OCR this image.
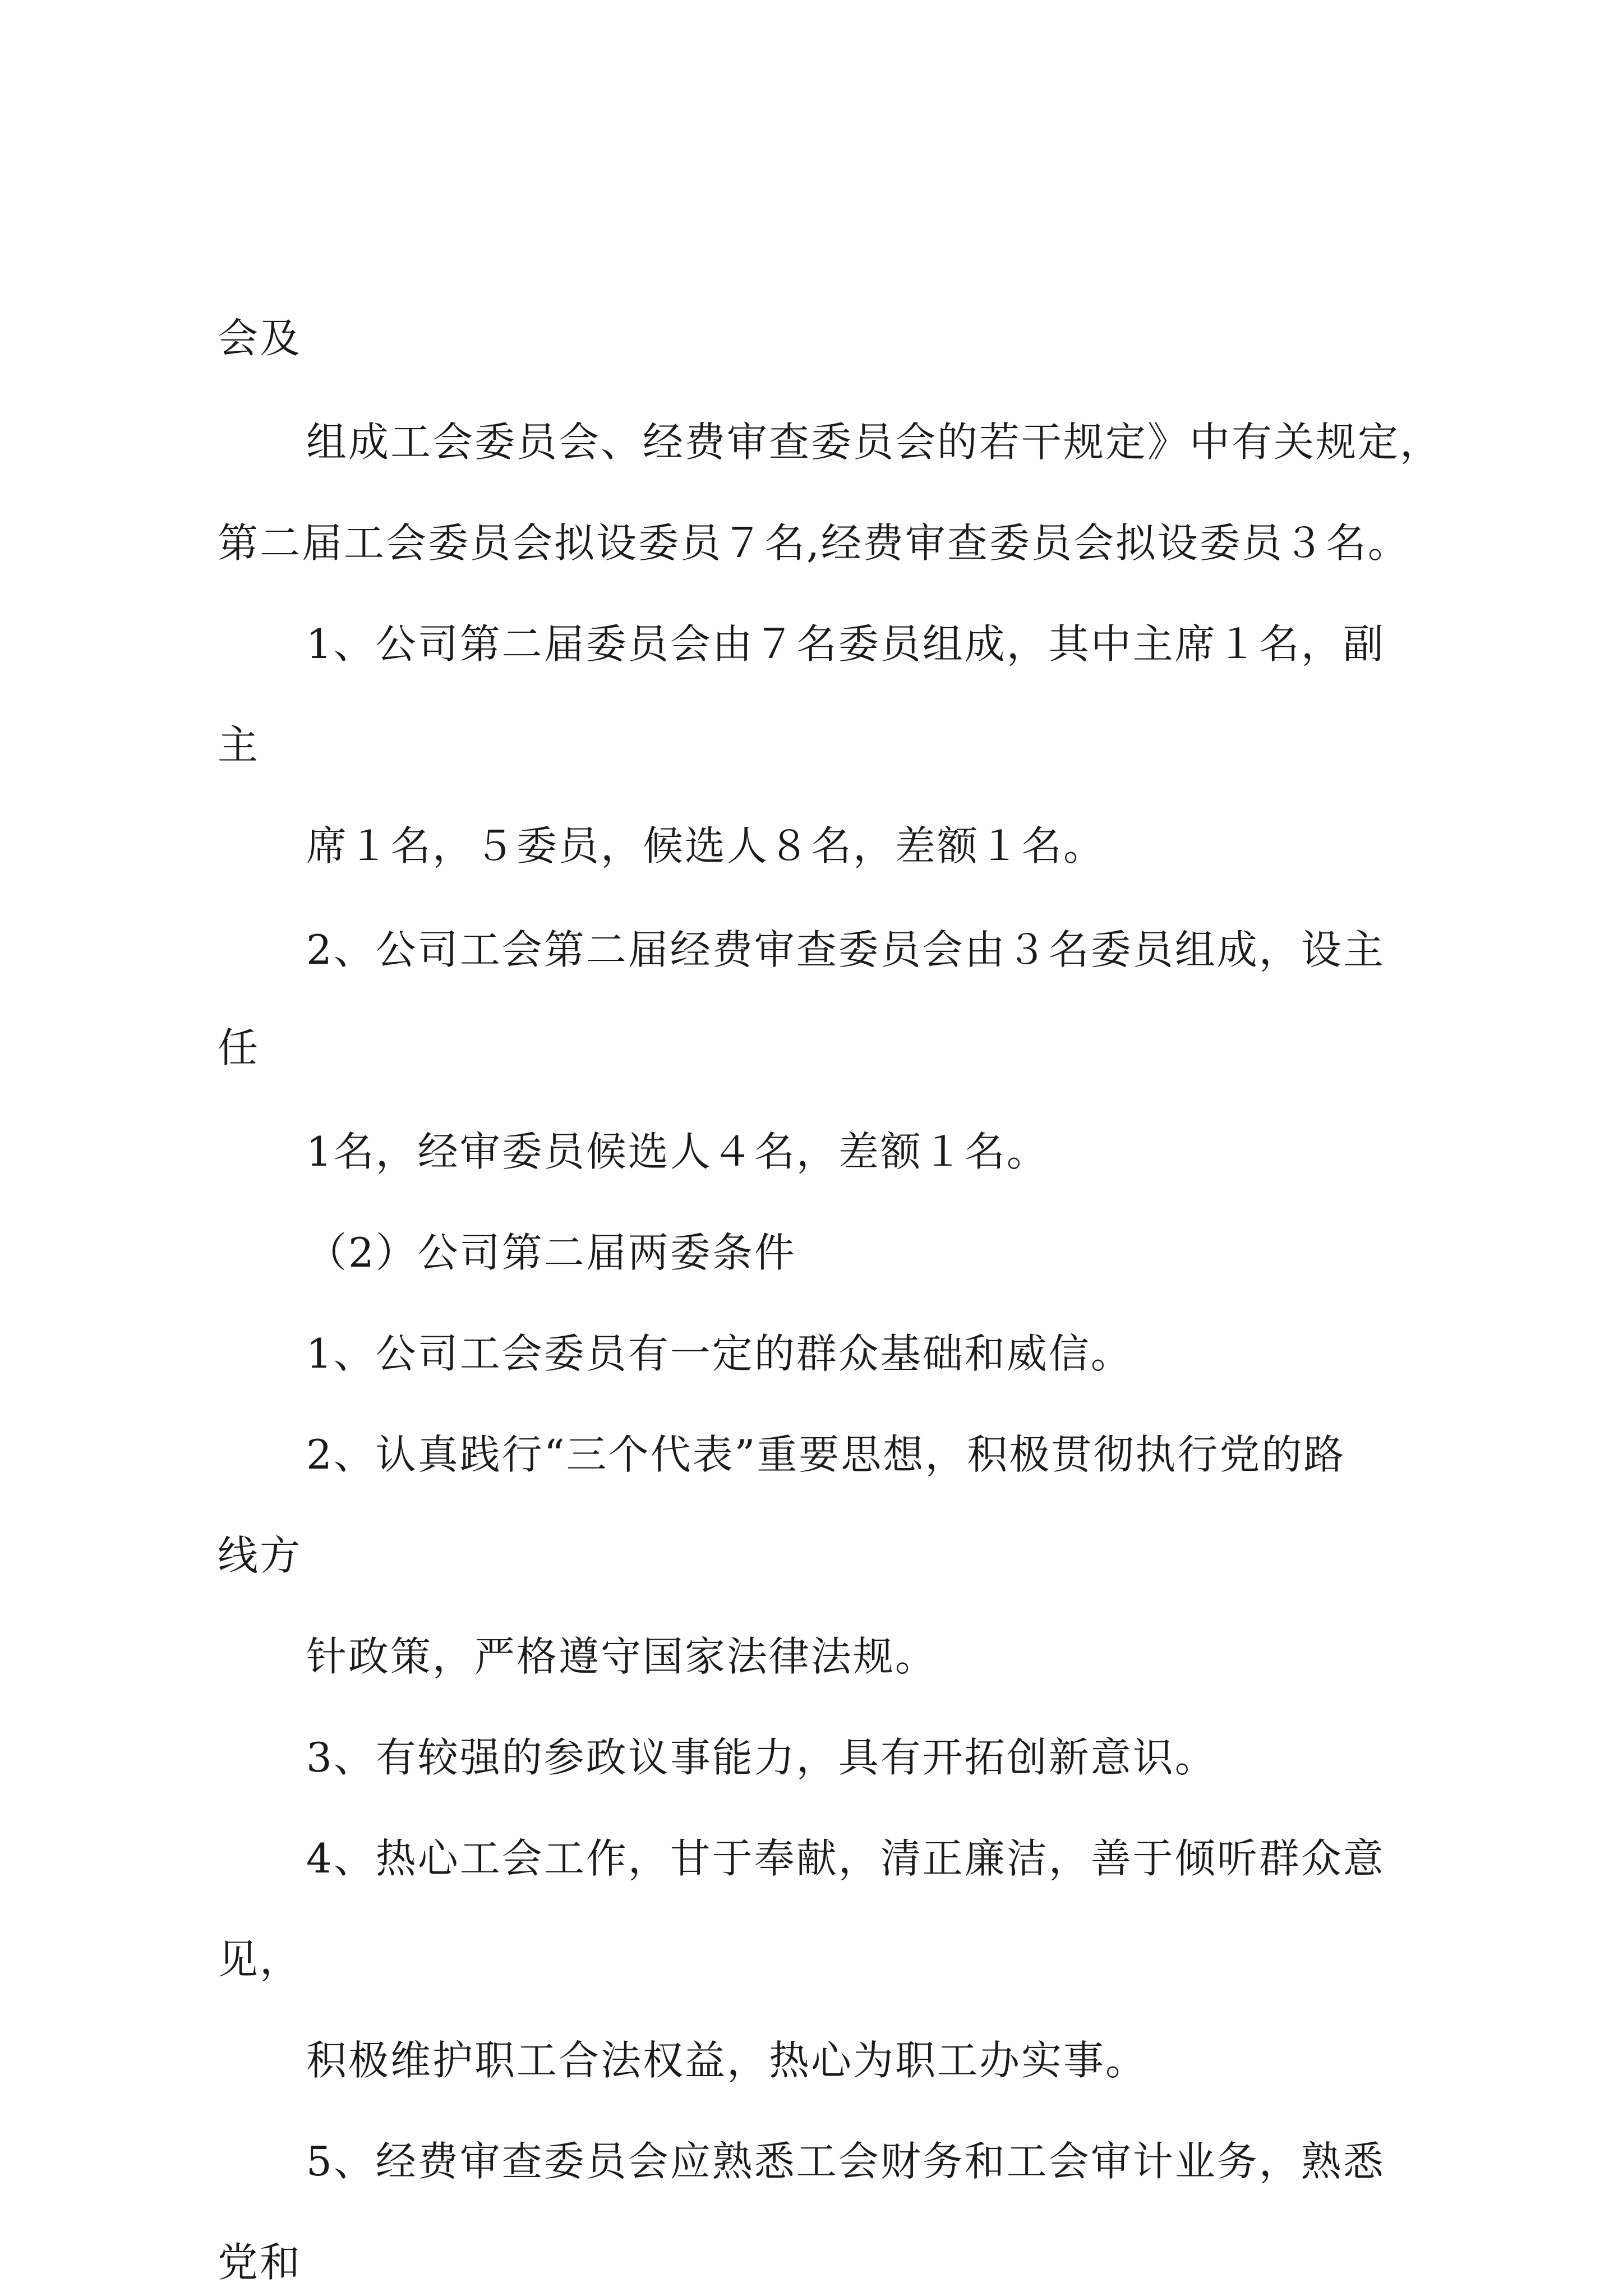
会及

组成工会委员会、经费审查委员会的若干规定》中有关规定，

第二届工会委员会拟设委员７名,经费审查委员会拟设委员３名。

1、公司第二届委员会由７名委员组成，其中主席１名，副

主

席１名，５委员，候选人８名，差额１名。

2、公司工会第二届经费审查委员会由３名委员组成，设主

任

1名，经审委员候选人４名，差额１名。

（2）公司第二届两委条件

1、公司工会委员有一定的群众基础和威信。

2、认真践行“三个代表”重要思想，积极贯彻执行党的路

线方

针政策，严格遵守国家法律法规。

3、有较强的参政议事能力，具有开拓创新意识。

4、热心工会工作，甘于奉献，清正廉洁，善于倾听群众意

见，

积极维护职工合法权益，热心为职工办实事。

5、经费审查委员会应熟悉工会财务和工会审计业务，熟悉

党和
